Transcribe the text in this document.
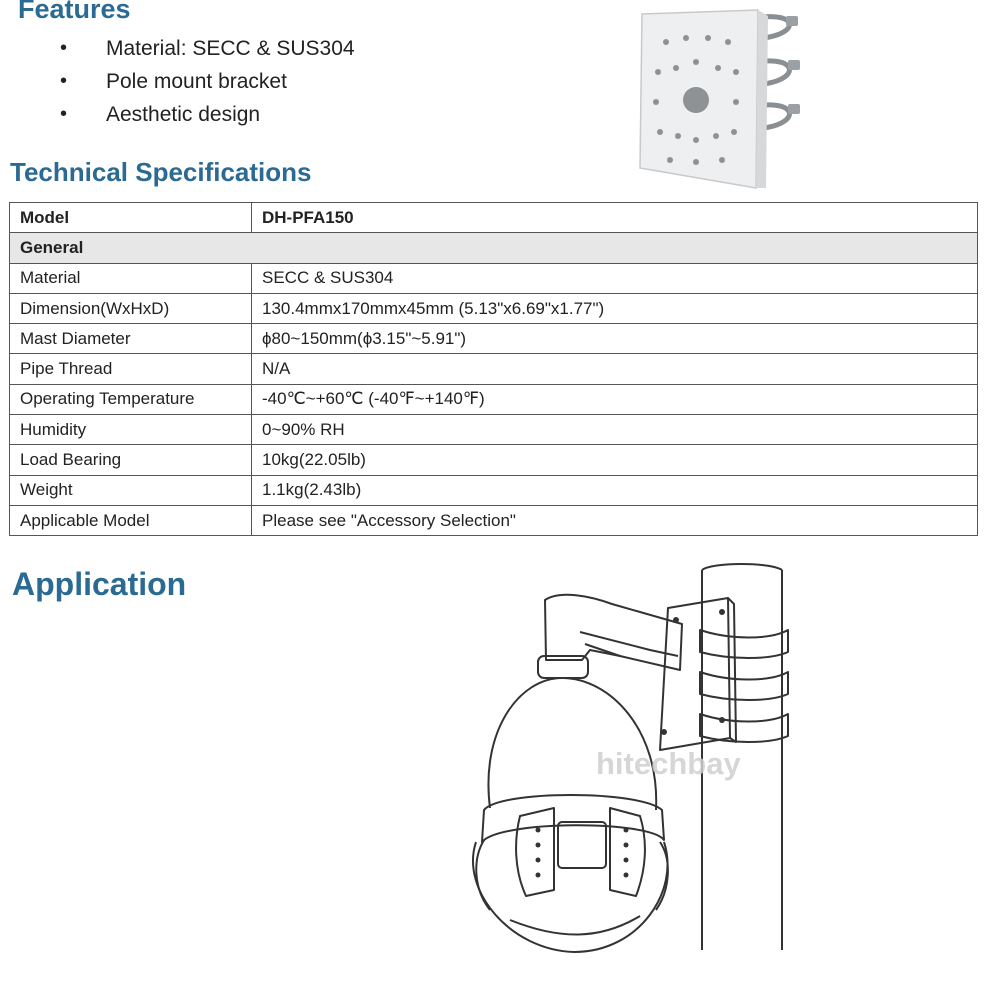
Features
• Material: SECC & SUS304
• Pole mount bracket
• Aesthetic design
Technical Specifications
Model	DH-PFA150
General	
Material	SECC & SUS304
Dimension(WxHxD)	130.4mmx170mmx45mm (5.13"x6.69"x1.77")
Mast Diameter	ϕ80~150mm(ϕ3.15"~5.91")
Pipe Thread	N/A
Operating Temperature	-40℃~+60℃ (-40℉~+140℉)
Humidity	0~90% RH
Load Bearing	10kg(22.05lb)
Weight	1.1kg(2.43lb)
Applicable Model	Please see "Accessory Selection"
Application
hitechbay
